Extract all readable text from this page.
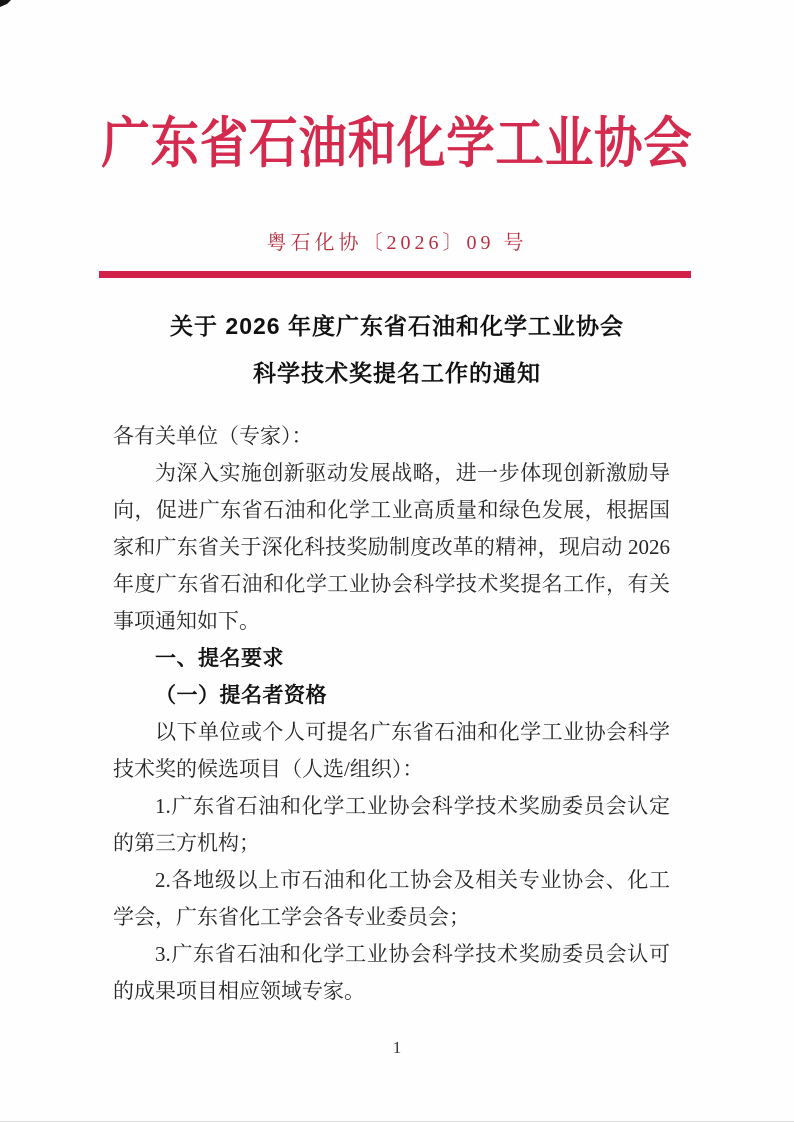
广东省石油和化学工业协会
粤石化协〔2026〕09 号
关于 2026 年度广东省石油和化学工业协会
科学技术奖提名工作的通知

各有关单位（专家）：

为深入实施创新驱动发展战略，进一步体现创新激励导向，促进广东省石油和化学工业高质量和绿色发展，根据国家和广东省关于深化科技奖励制度改革的精神，现启动 2026 年度广东省石油和化学工业协会科学技术奖提名工作，有关事项通知如下。

一、提名要求

（一）提名者资格

以下单位或个人可提名广东省石油和化学工业协会科学技术奖的候选项目（人选/组织）：

1.广东省石油和化学工业协会科学技术奖励委员会认定的第三方机构；

2.各地级以上市石油和化工协会及相关专业协会、化工学会，广东省化工学会各专业委员会；

3.广东省石油和化学工业协会科学技术奖励委员会认可的成果项目相应领域专家。

1
